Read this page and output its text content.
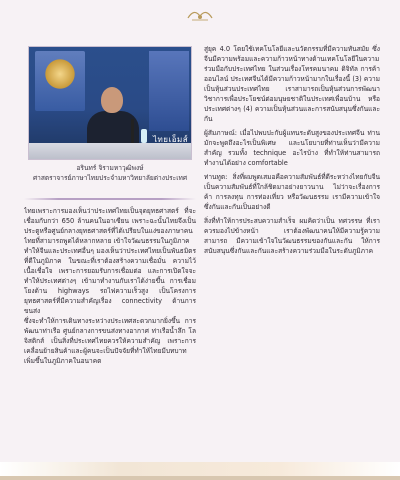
ไทยเอ็มส์
อรินทร์ จิรามหาวุฒิพงษ์
ศาสตราจารย์ภาษาไทยประจำมหาวิทยาลัยต่างประเทศ

ไทยเพราะการมองเห็นว่าประเทศไทยเป็นจุดยุทธศาสตร์ ที่จะเชื่อมกับกว่า 650 ล้านคนในอาเซียน เพราะฉะนั้นไทยจึงเป็นประตูหรือศูนย์กลางยุทธศาสตร์ที่ได้เปรียบในแง่ของภาษาคนไทยที่สามารถพูดได้หลากหลาย เข้าใจวัฒนธรรมในภูมิภาค

ทำให้จีนและประเทศอื่นๆ มองเห็นว่าประเทศไทยเป็นพันธมิตรที่ดีในภูมิภาค ในขณะที่เราต้องสร้างความเชื่อมั่น ความไว้เนื้อเชื่อใจ เพราะการยอมรับการเชื่อมต่อ และการเปิดใจจะทำให้ประเทศต่างๆ เข้ามาทำงานกับเราได้ง่ายขึ้น การเชื่อมโยงด้าน highways รถไฟความเร็วสูง เป็นโครงการยุทธศาสตร์ที่มีความสำคัญเรื่อง connectivity ด้านการขนส่ง

ซึ่งจะทำให้การเดินทางระหว่างประเทศสะดวกมากยิ่งขึ้น การพัฒนาท่าเรือ ศูนย์กลางการขนส่งทางอากาศ ท่าเรือน้ำลึก โลจิสติกส์ เป็นสิ่งที่ประเทศไทยควรให้ความสำคัญ เพราะการเคลื่อนย้ายสินค้าและผู้คนจะเป็นปัจจัยที่ทำให้ไทยมีบทบาทเพิ่มขึ้นในภูมิภาคในอนาคต

สู่ยุค 4.0 โดยใช้เทคโนโลยีและนวัตกรรมที่มีความทันสมัย ซึ่งจีนมีความพร้อมและความก้าวหน้าทางด้านเทคโนโลยีในความร่วมมือกับประเทศไทย ในส่วนเรื่องโทรคมนาคม ดิจิทัล การค้าออนไลน์ ประเทศจีนได้มีความก้าวหน้ามากในเรื่องนี้ (3) ความเป็นหุ้นส่วนประเทศไทย เราสามารถเป็นหุ้นส่วนการพัฒนาวิชาการเพื่อประโยชน์ต่อมนุษยชาติในประเทศเพื่อนบ้าน หรือประเทศต่างๆ (4) ความเป็นหุ้นส่วนและการสนับสนุนซึ่งกันและกัน

ผู้สัมภาษณ์: เมื่อไปพบปะกับผู้แทนระดับสูงของประเทศจีน ท่านมักจะพูดถึงอะไรเป็นพิเศษ และนโยบายที่ท่านเห็นว่ามีความสำคัญ รวมทั้ง technique อะไรบ้าง ที่ทำให้ท่านสามารถทำงานได้อย่าง comfortable

ท่านทูต: สิ่งที่ผมพูดเสมอคือความสัมพันธ์ที่ดีระหว่างไทยกับจีน เป็นความสัมพันธ์ที่ใกล้ชิดมาอย่างยาวนาน ไม่ว่าจะเรื่องการค้า การลงทุน การท่องเที่ยว หรือวัฒนธรรม เรามีความเข้าใจซึ่งกันและกันเป็นอย่างดี

สิ่งที่ทำให้การประสบความสำเร็จ ผมคิดว่าเป็น ทศวรรษ ที่เราควรมองไปข้างหน้า เราต้องพัฒนาคนให้มีความรู้ความสามารถ มีความเข้าใจในวัฒนธรรมของกันและกัน ให้การสนับสนุนซึ่งกันและกันและสร้างความร่วมมือในระดับภูมิภาค
